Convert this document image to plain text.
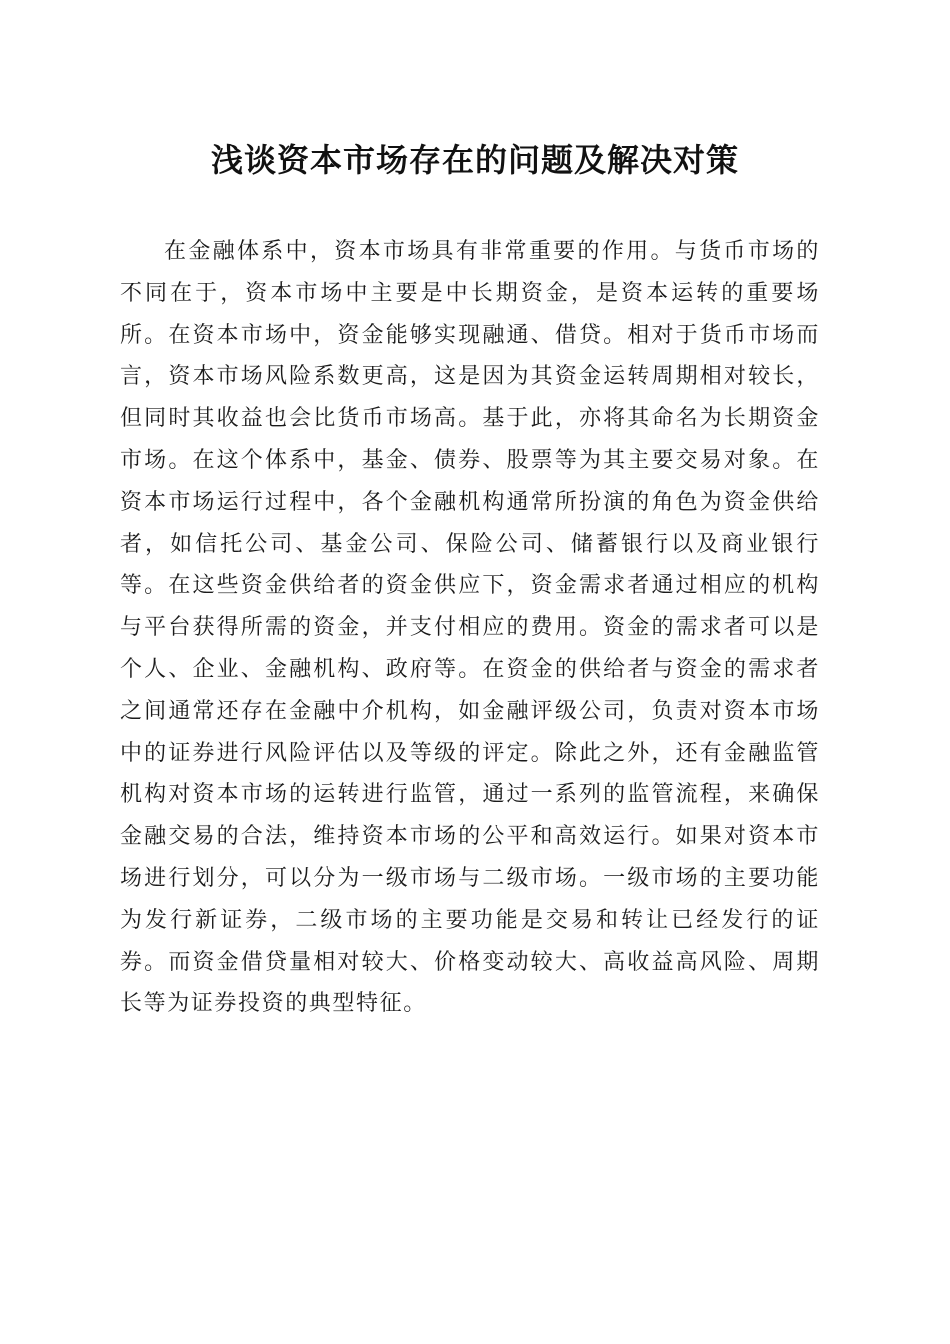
浅谈资本市场存在的问题及解决对策

在金融体系中，资本市场具有非常重要的作用。与货币市场的不同在于，资本市场中主要是中长期资金，是资本运转的重要场所。在资本市场中，资金能够实现融通、借贷。相对于货币市场而言，资本市场风险系数更高，这是因为其资金运转周期相对较长，但同时其收益也会比货币市场高。基于此，亦将其命名为长期资金市场。在这个体系中，基金、债券、股票等为其主要交易对象。在资本市场运行过程中，各个金融机构通常所扮演的角色为资金供给者，如信托公司、基金公司、保险公司、储蓄银行以及商业银行等。在这些资金供给者的资金供应下，资金需求者通过相应的机构与平台获得所需的资金，并支付相应的费用。资金的需求者可以是个人、企业、金融机构、政府等。在资金的供给者与资金的需求者之间通常还存在金融中介机构，如金融评级公司，负责对资本市场中的证券进行风险评估以及等级的评定。除此之外，还有金融监管机构对资本市场的运转进行监管，通过一系列的监管流程，来确保金融交易的合法，维持资本市场的公平和高效运行。如果对资本市场进行划分，可以分为一级市场与二级市场。一级市场的主要功能为发行新证券，二级市场的主要功能是交易和转让已经发行的证券。而资金借贷量相对较大、价格变动较大、高收益高风险、周期长等为证券投资的典型特征。
